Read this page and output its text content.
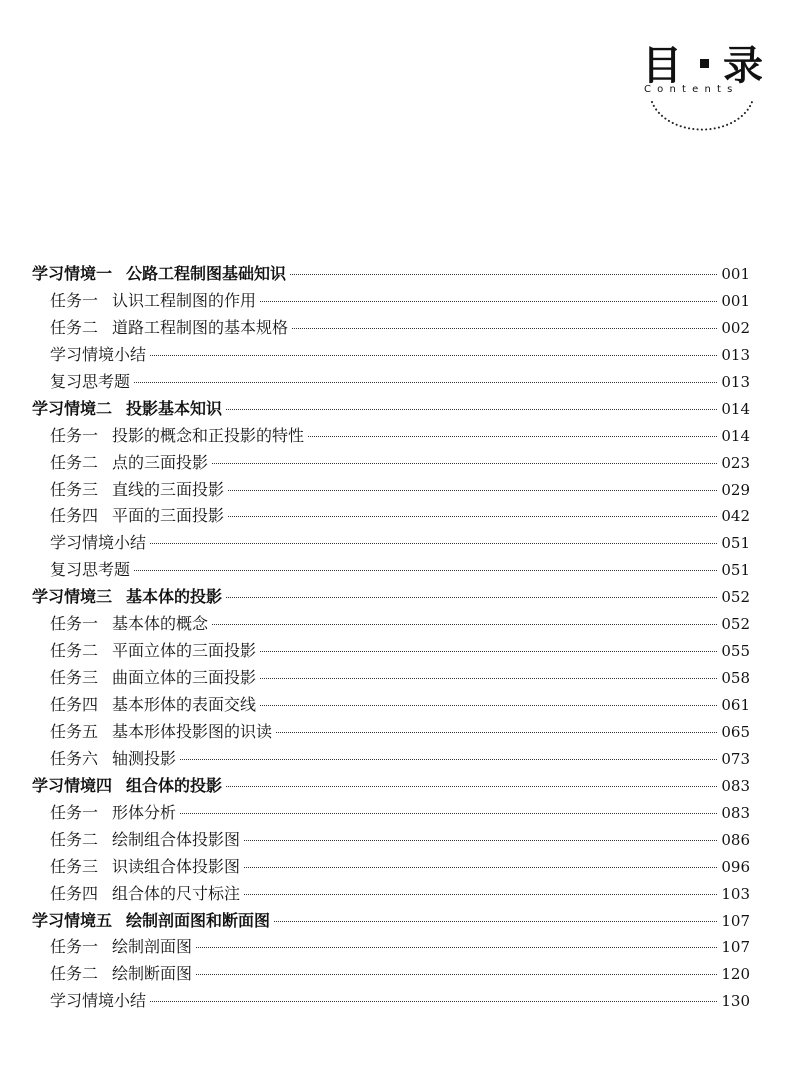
目 录
Contents
学习情境一 公路工程制图基础知识	001
任务一 认识工程制图的作用	001
任务二 道路工程制图的基本规格	002
学习情境小结	013
复习思考题	013
学习情境二 投影基本知识	014
任务一 投影的概念和正投影的特性	014
任务二 点的三面投影	023
任务三 直线的三面投影	029
任务四 平面的三面投影	042
学习情境小结	051
复习思考题	051
学习情境三 基本体的投影	052
任务一 基本体的概念	052
任务二 平面立体的三面投影	055
任务三 曲面立体的三面投影	058
任务四 基本形体的表面交线	061
任务五 基本形体投影图的识读	065
任务六 轴测投影	073
学习情境四 组合体的投影	083
任务一 形体分析	083
任务二 绘制组合体投影图	086
任务三 识读组合体投影图	096
任务四 组合体的尺寸标注	103
学习情境五 绘制剖面图和断面图	107
任务一 绘制剖面图	107
任务二 绘制断面图	120
学习情境小结	130
